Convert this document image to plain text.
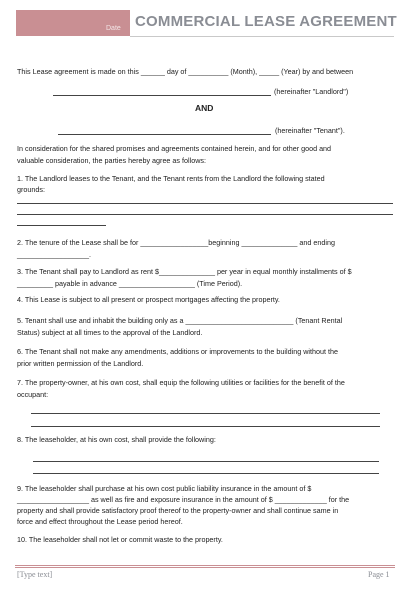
Date COMMERCIAL LEASE AGREEMENT
This Lease agreement is made on this ______ day of __________ (Month), _____ (Year) by and between
(hereinafter "Landlord")
AND
(hereinafter "Tenant").
In consideration for the shared promises and agreements contained herein, and for other good and
valuable consideration, the parties hereby agree as follows:
1. The Landlord leases to the Tenant, and the Tenant rents from the Landlord the following stated
grounds:
2. The tenure of the Lease shall be for _________________beginning ______________ and ending
__________________.
3. The Tenant shall pay to Landlord as rent $______________ per year in equal monthly installments of $
_________ payable in advance ___________________ (Time Period).
4. This Lease is subject to all present or prospect mortgages affecting the property.
5. Tenant shall use and inhabit the building only as a ___________________________ (Tenant Rental
Status) subject at all times to the approval of the Landlord.
6. The Tenant shall not make any amendments, additions or improvements to the building without the
prior written permission of the Landlord.
7. The property-owner, at his own cost, shall equip the following utilities or facilities for the benefit of the
occupant:
8. The leaseholder, at his own cost, shall provide the following:
9. The leaseholder shall purchase at his own cost public liability insurance in the amount of $
__________________ as well as fire and exposure insurance in the amount of $ _____________ for the
property and shall provide satisfactory proof thereof to the property-owner and shall continue same in
force and effect throughout the Lease period hereof.
10. The leaseholder shall not let or commit waste to the property.
[Type text]	Page 1
